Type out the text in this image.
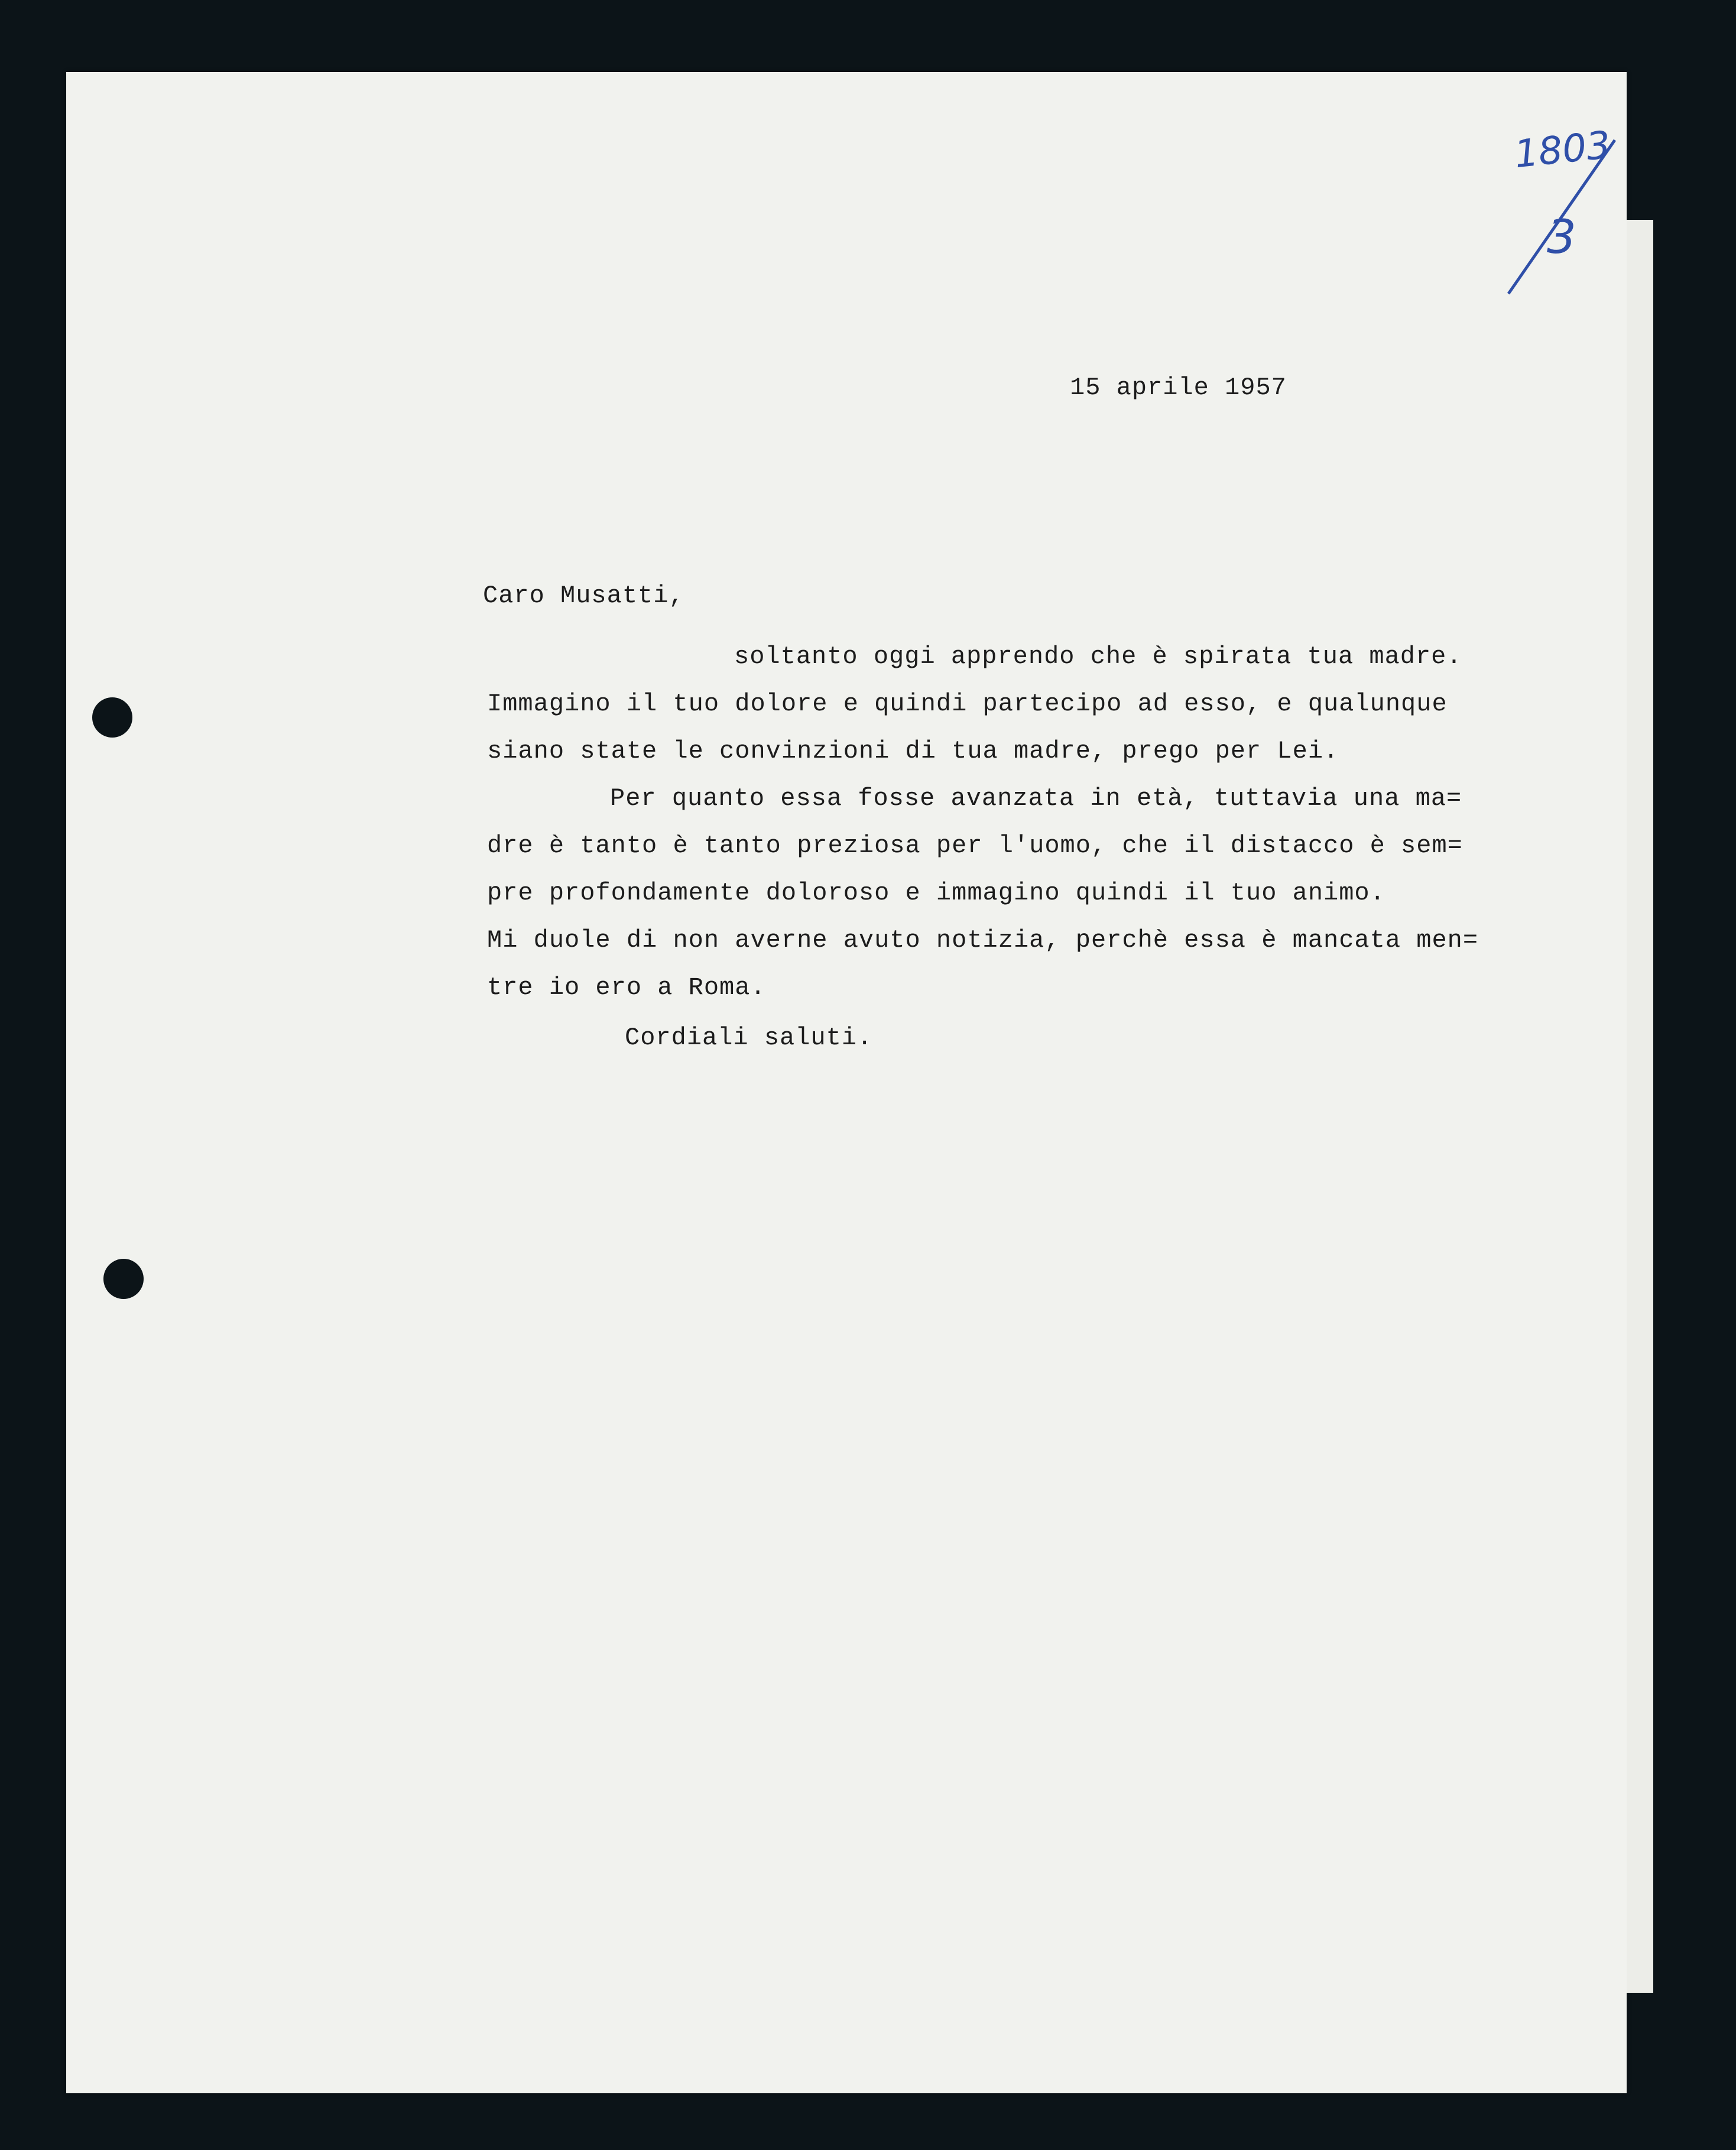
1803
3
15 aprile 1957
Caro Musatti,
soltanto oggi apprendo che è spirata tua madre.
Immagino il tuo dolore e quindi partecipo ad esso, e qualunque
siano state le convinzioni di tua madre, prego per Lei.
Per quanto essa fosse avanzata in età, tuttavia una ma=
dre è tanto è tanto preziosa per l'uomo, che il distacco è sem=
pre profondamente doloroso e immagino quindi il tuo animo.
Mi duole di non averne avuto notizia, perchè essa è mancata men=
tre io ero a Roma.
Cordiali saluti.
